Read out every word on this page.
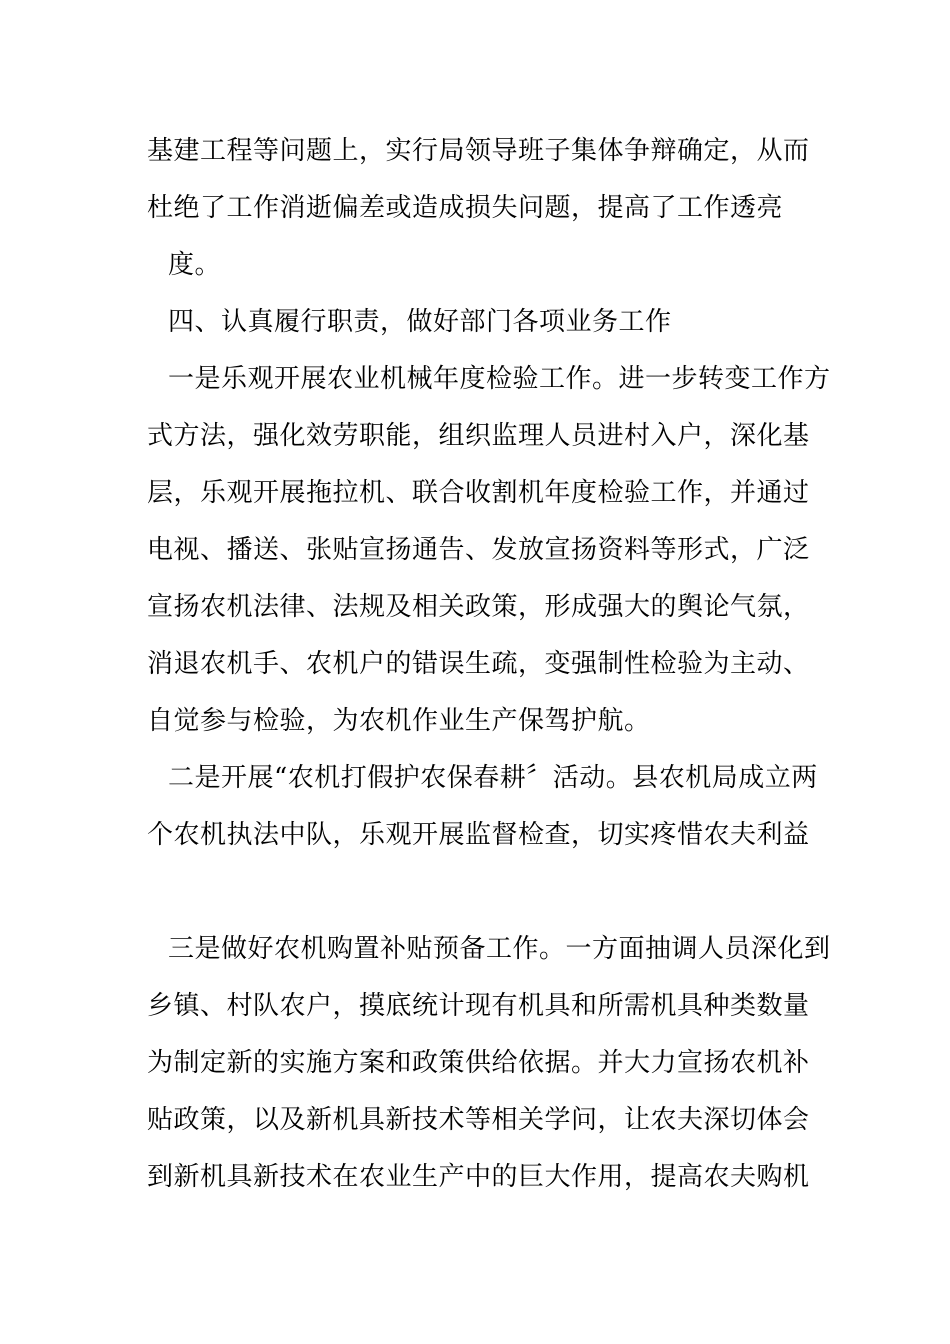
基建工程等问题上，实行局领导班子集体争辩确定，从而
杜绝了工作消逝偏差或造成损失问题，提高了工作透亮
度。
四、认真履行职责，做好部门各项业务工作
一是乐观开展农业机械年度检验工作。进一步转变工作方
式方法，强化效劳职能，组织监理人员进村入户，深化基
层，乐观开展拖拉机、联合收割机年度检验工作，并通过
电视、播送、张贴宣扬通告、发放宣扬资料等形式，广泛
宣扬农机法律、法规及相关政策，形成强大的舆论气氛，
消退农机手、农机户的错误生疏，变强制性检验为主动、
自觉参与检验，为农机作业生产保驾护航。
二是开展“农机打假护农保春耕〞活动。县农机局成立两
个农机执法中队，乐观开展监督检查，切实疼惜农夫利益
三是做好农机购置补贴预备工作。一方面抽调人员深化到
乡镇、村队农户，摸底统计现有机具和所需机具种类数量
为制定新的实施方案和政策供给依据。并大力宣扬农机补
贴政策，以及新机具新技术等相关学问，让农夫深切体会
到新机具新技术在农业生产中的巨大作用，提高农夫购机
